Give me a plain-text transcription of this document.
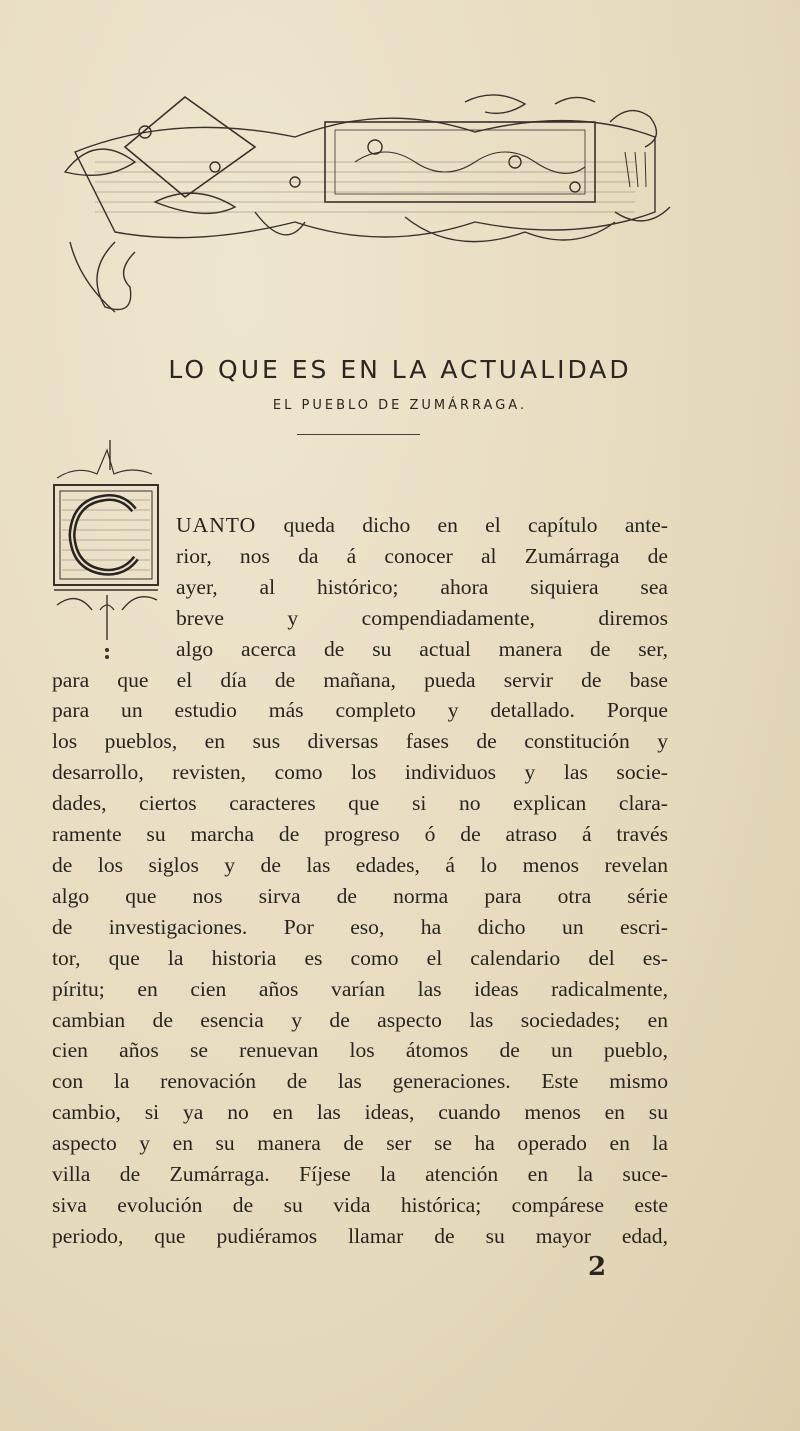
LO QUE ES EN LA ACTUALIDAD
EL PUEBLO DE ZUMÁRRAGA.
UANTO queda dicho en el capítulo ante-
rior, nos da á conocer al Zumárraga de
ayer, al histórico; ahora siquiera sea
breve y compendiadamente, diremos
algo acerca de su actual manera de ser,
para que el día de mañana, pueda servir de base
para un estudio más completo y detallado. Porque
los pueblos, en sus diversas fases de constitución y
desarrollo, revisten, como los individuos y las socie-
dades, ciertos caracteres que si no explican clara-
ramente su marcha de progreso ó de atraso á través
de los siglos y de las edades, á lo menos revelan
algo que nos sirva de norma para otra série
de investigaciones. Por eso, ha dicho un escri-
tor, que la historia es como el calendario del es-
píritu; en cien años varían las ideas radicalmente,
cambian de esencia y de aspecto las sociedades; en
cien años se renuevan los átomos de un pueblo,
con la renovación de las generaciones. Este mismo
cambio, si ya no en las ideas, cuando menos en su
aspecto y en su manera de ser se ha operado en la
villa de Zumárraga. Fíjese la atención en la suce-
siva evolución de su vida histórica; compárese este
periodo, que pudiéramos llamar de su mayor edad,
2
